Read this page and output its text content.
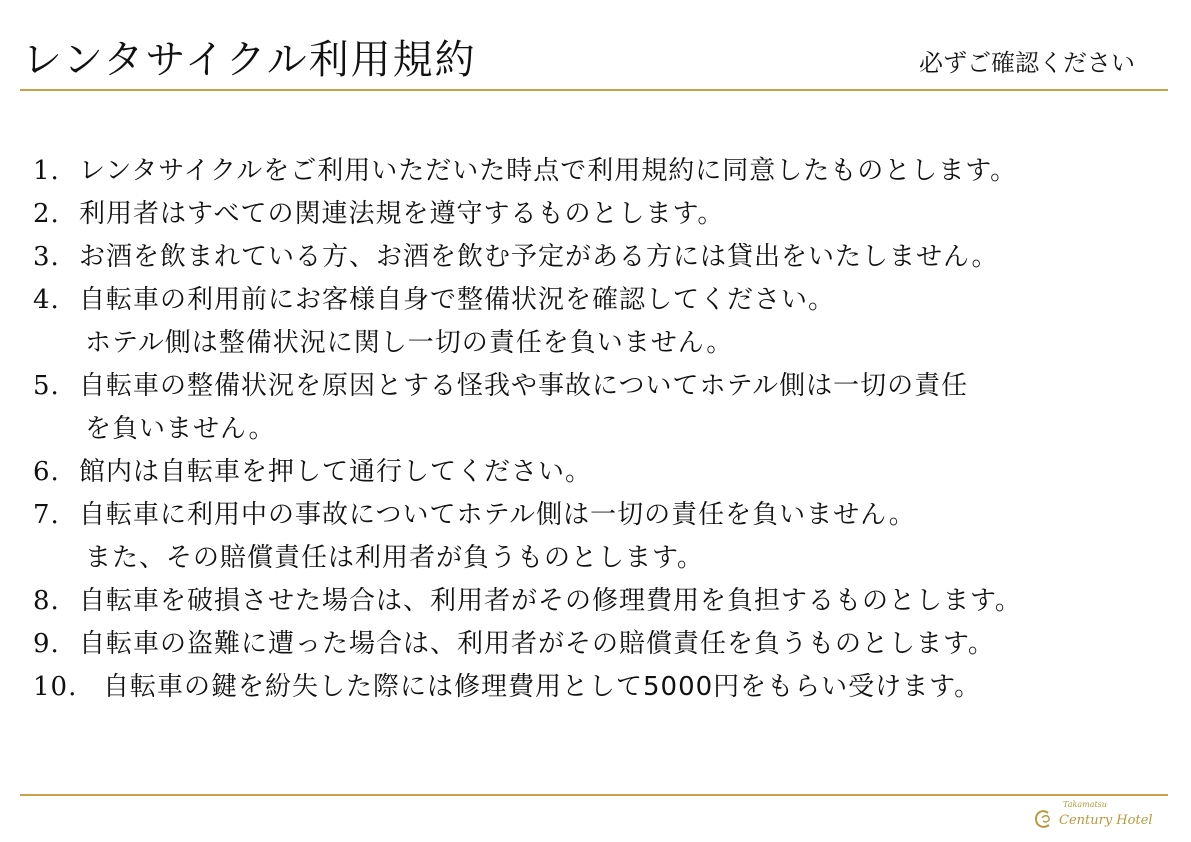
レンタサイクル利用規約	必ずご確認ください
1. レンタサイクルをご利用いただいた時点で利用規約に同意したものとします。
2. 利用者はすべての関連法規を遵守するものとします。
3. お酒を飲まれている方、お酒を飲む予定がある方には貸出をいたしません。
4. 自転車の利用前にお客様自身で整備状況を確認してください。
ホテル側は整備状況に関し一切の責任を負いません。
5. 自転車の整備状況を原因とする怪我や事故についてホテル側は一切の責任
を負いません。
6. 館内は自転車を押して通行してください。
7. 自転車に利用中の事故についてホテル側は一切の責任を負いません。
また、その賠償責任は利用者が負うものとします。
8. 自転車を破損させた場合は、利用者がその修理費用を負担するものとします。
9. 自転車の盗難に遭った場合は、利用者がその賠償責任を負うものとします。
10. 自転車の鍵を紛失した際には修理費用として5000円をもらい受けます。
Takamatsu
Century Hotel
